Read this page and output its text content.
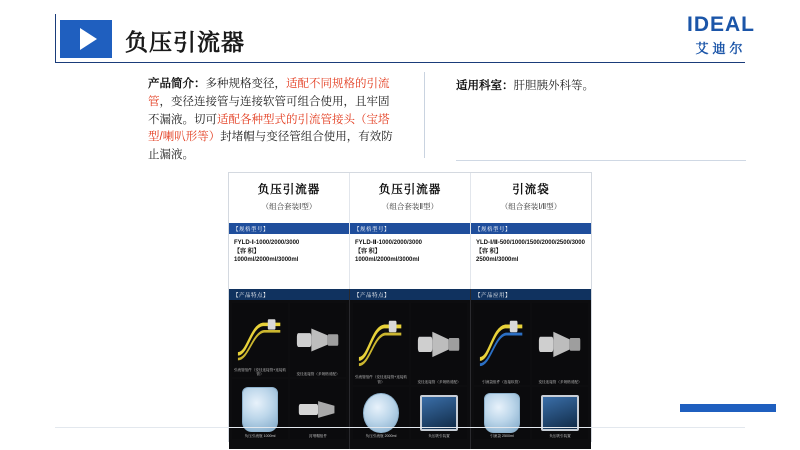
负压引流器
IDEAL
艾迪尔
产品简介：多种规格变径，适配不同规格的引流管，变径连接管与连接软管可组合使用，且牢固不漏液。切可适配各种型式的引流管接头（宝塔型/喇叭形等）封堵帽与变径管组合使用，有效防止漏液。
适用科室：肝胆胰外科等。
负压引流器
（组合套装Ⅰ型）
负压引流器
（组合套装Ⅱ型）
引流袋
（组合套装Ⅰ/Ⅱ型）
【规格型号】
FYLD-Ⅰ-1000/2000/3000
【容 积】
1000ml/2000ml/3000ml
【规格型号】
FYLD-Ⅱ-1000/2000/3000
【容 积】
1000ml/2000ml/3000ml
【规格型号】
YLD-Ⅰ/Ⅱ-500/1000/1500/2000/2500/3000
【容 积】
2500ml/3000ml
【产品特点】
引流管组件（变径连接管+连接软管）	变径连接管（多规格适配）
负压引流瓶 1000ml	封堵帽组件
【产品特点】
引流管组件（变径连接管+连接软管）	变径连接管（多规格适配）
负压引流瓶 2000ml	负压吸引装置
【产品应用】
引流袋组件（连接软管）	变径连接管（多规格适配）
引流袋 2500ml	负压吸引装置
